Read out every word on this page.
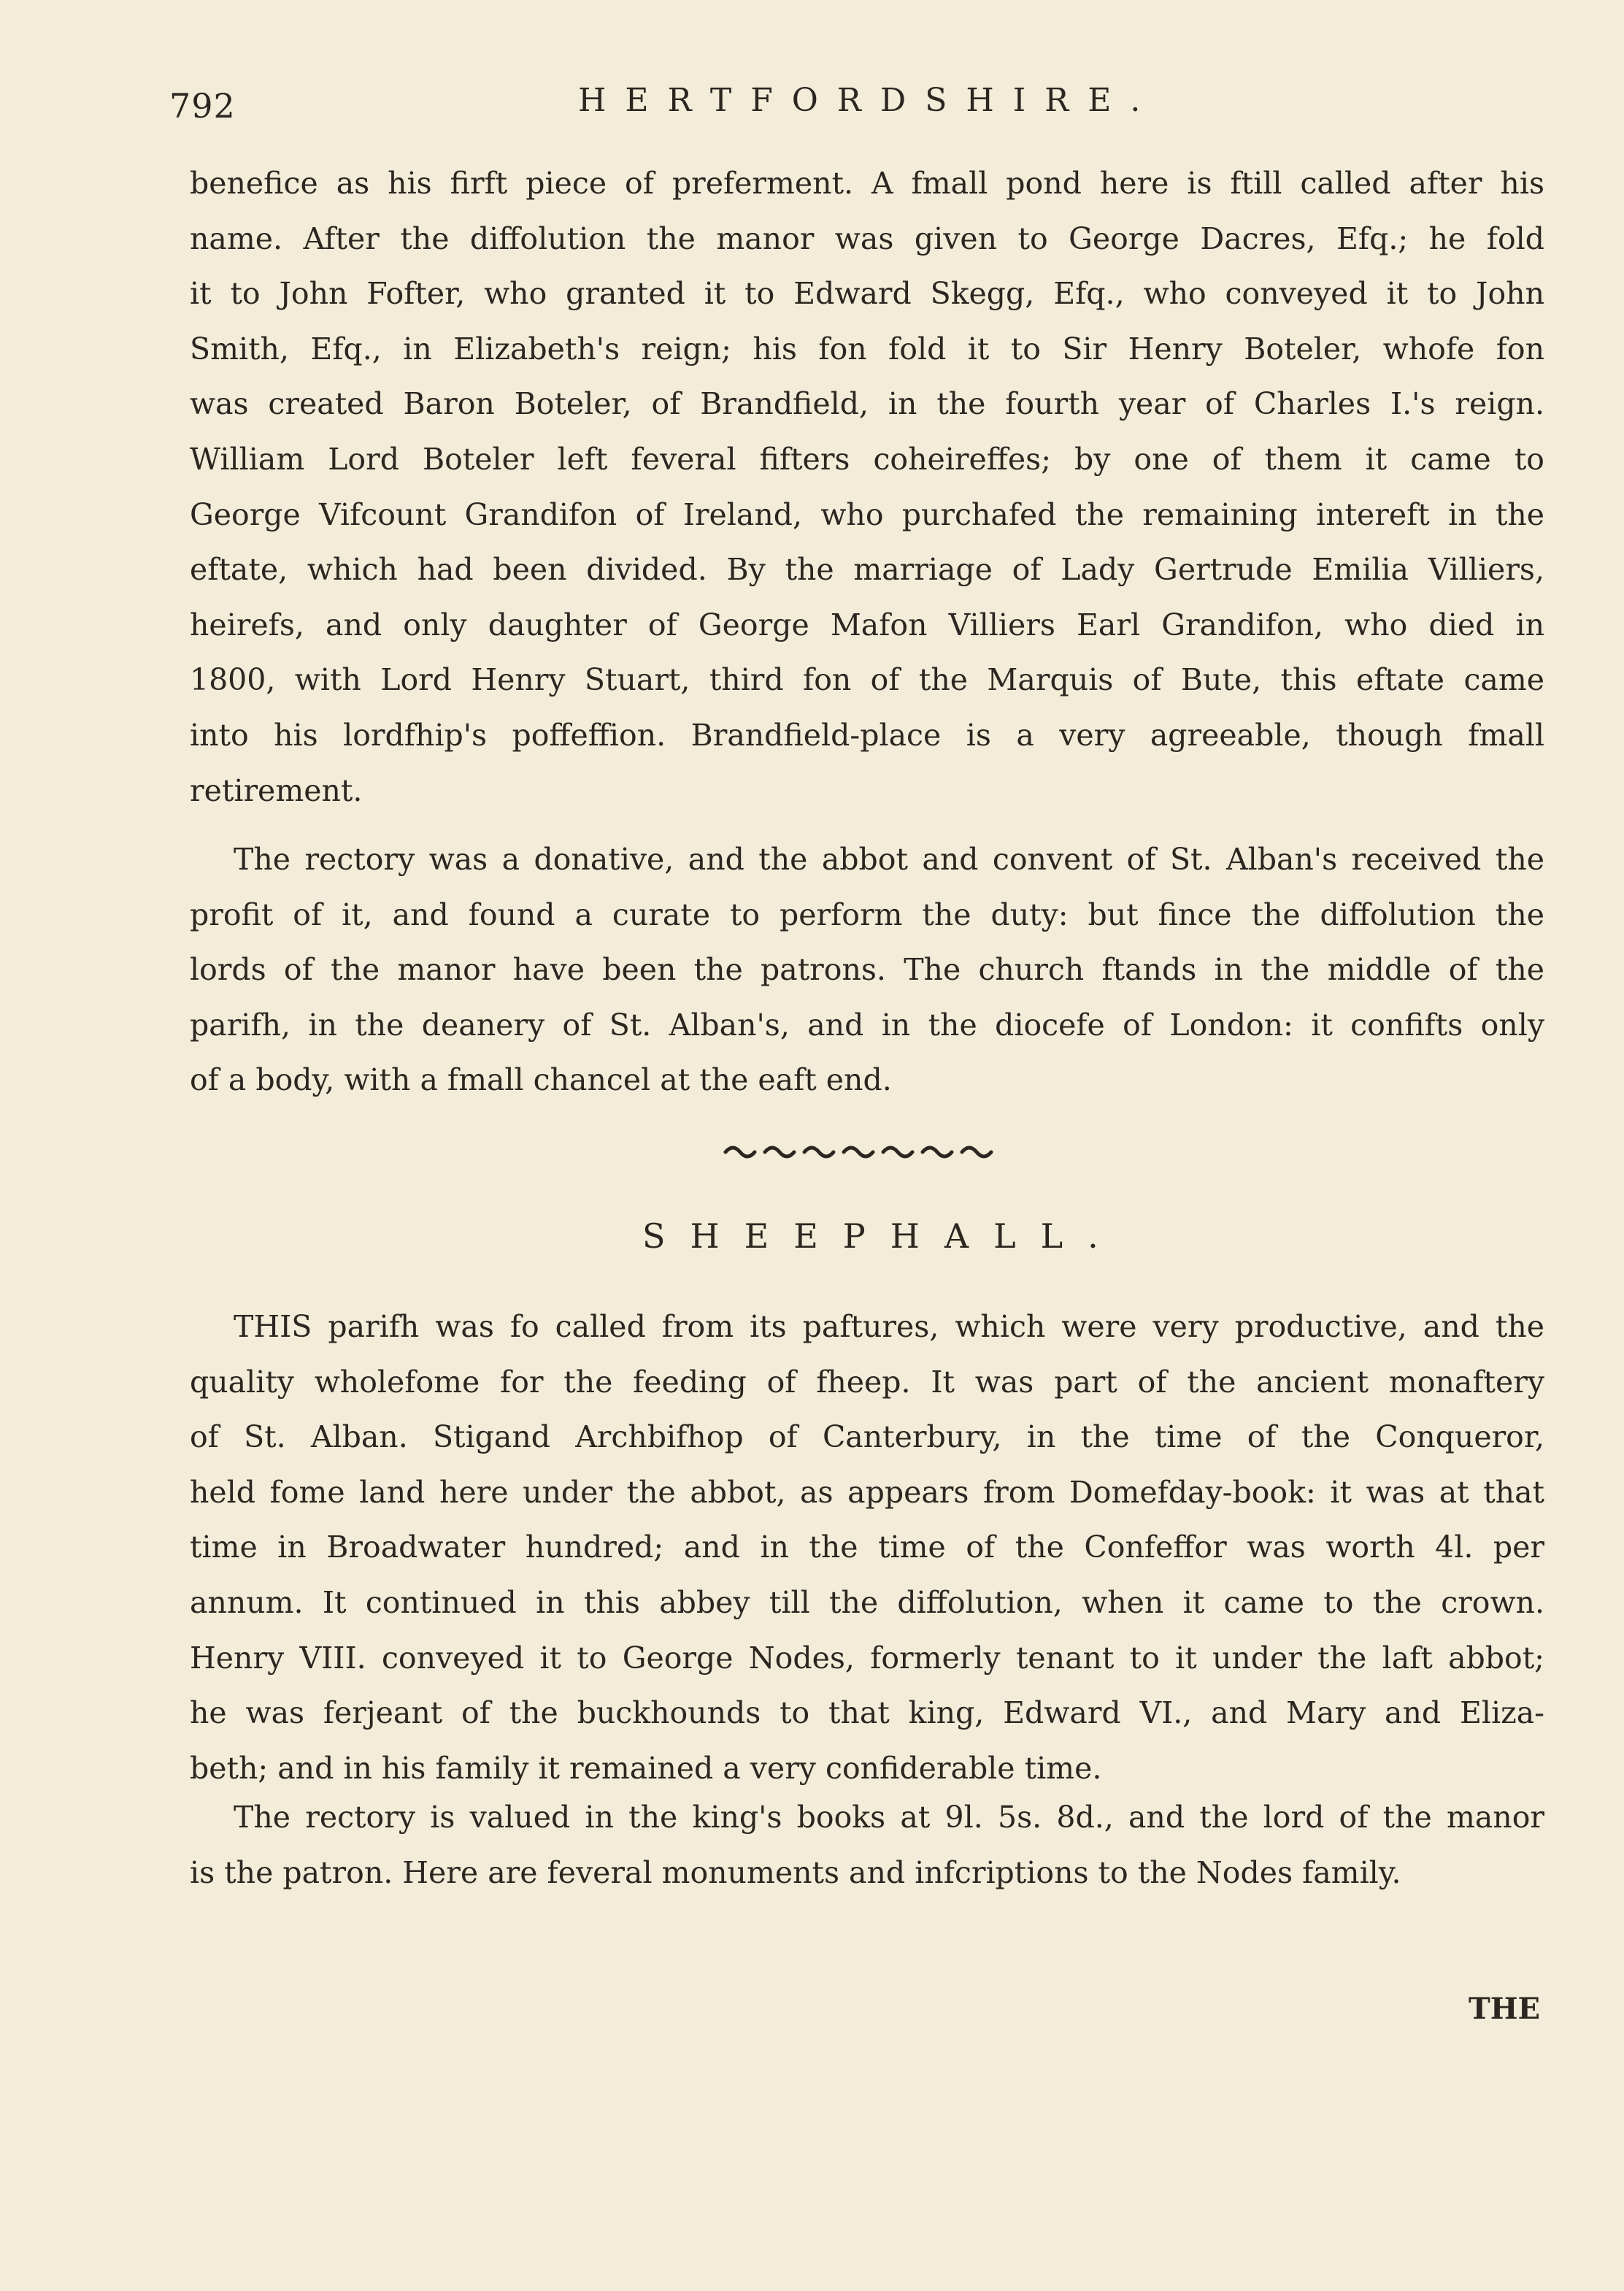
792	HERTFORDSHIRE.
benefice as his firft piece of preferment. A fmall pond here is ftill called after his
name. After the diffolution the manor was given to George Dacres, Efq.; he fold
it to John Fofter, who granted it to Edward Skegg, Efq., who conveyed it to John
Smith, Efq., in Elizabeth's reign; his fon fold it to Sir Henry Boteler, whofe fon
was created Baron Boteler, of Brandfield, in the fourth year of Charles I.'s reign.
William Lord Boteler left feveral fifters coheireffes; by one of them it came to
George Vifcount Grandifon of Ireland, who purchafed the remaining intereft in the
eftate, which had been divided. By the marriage of Lady Gertrude Emilia Villiers,
heirefs, and only daughter of George Mafon Villiers Earl Grandifon, who died in
1800, with Lord Henry Stuart, third fon of the Marquis of Bute, this eftate came
into his lordfhip's poffeffion. Brandfield-place is a very agreeable, though fmall
retirement.
The rectory was a donative, and the abbot and convent of St. Alban's received the
profit of it, and found a curate to perform the duty: but fince the diffolution the
lords of the manor have been the patrons. The church ftands in the middle of the
parifh, in the deanery of St. Alban's, and in the diocefe of London: it confifts only
of a body, with a fmall chancel at the eaft end.
SHEEPHALL.
THIS parifh was fo called from its paftures, which were very productive, and the
quality wholefome for the feeding of fheep. It was part of the ancient monaftery
of St. Alban. Stigand Archbifhop of Canterbury, in the time of the Conqueror,
held fome land here under the abbot, as appears from Domefday-book: it was at that
time in Broadwater hundred; and in the time of the Confeffor was worth 4l. per
annum. It continued in this abbey till the diffolution, when it came to the crown.
Henry VIII. conveyed it to George Nodes, formerly tenant to it under the laft abbot;
he was ferjeant of the buckhounds to that king, Edward VI., and Mary and Eliza-
beth; and in his family it remained a very confiderable time.
The rectory is valued in the king's books at 9l. 5s. 8d., and the lord of the manor
is the patron. Here are feveral monuments and infcriptions to the Nodes family.
THE
